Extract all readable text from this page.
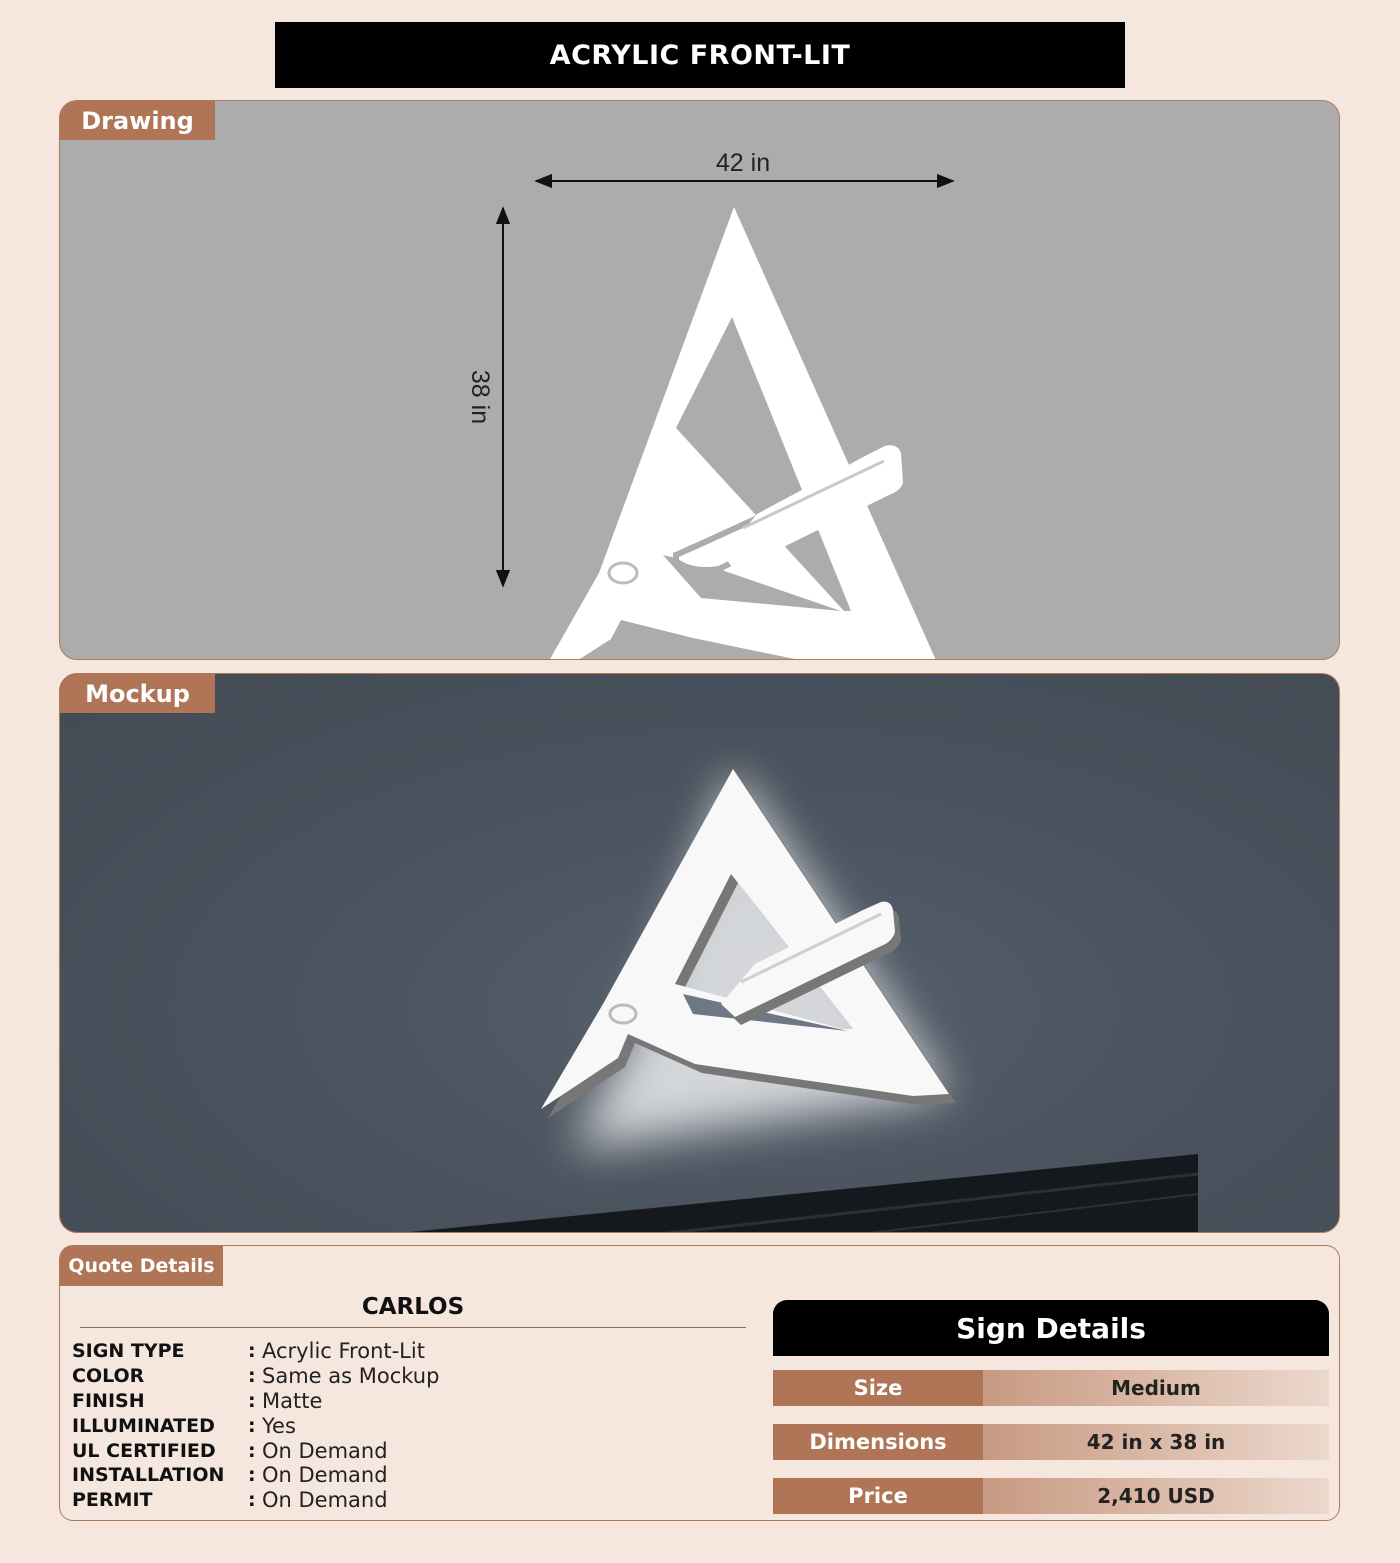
ACRYLIC FRONT-LIT
Drawing
42 in
38 in
Mockup
Quote Details
CARLOS
SIGN TYPE	: Acrylic Front-Lit
COLOR	: Same as Mockup
FINISH	: Matte
ILLUMINATED	: Yes
UL CERTIFIED	: On Demand
INSTALLATION	: On Demand
PERMIT	: On Demand
Sign Details
Size	Medium
Dimensions	42 in x 38 in
Price	2,410 USD
